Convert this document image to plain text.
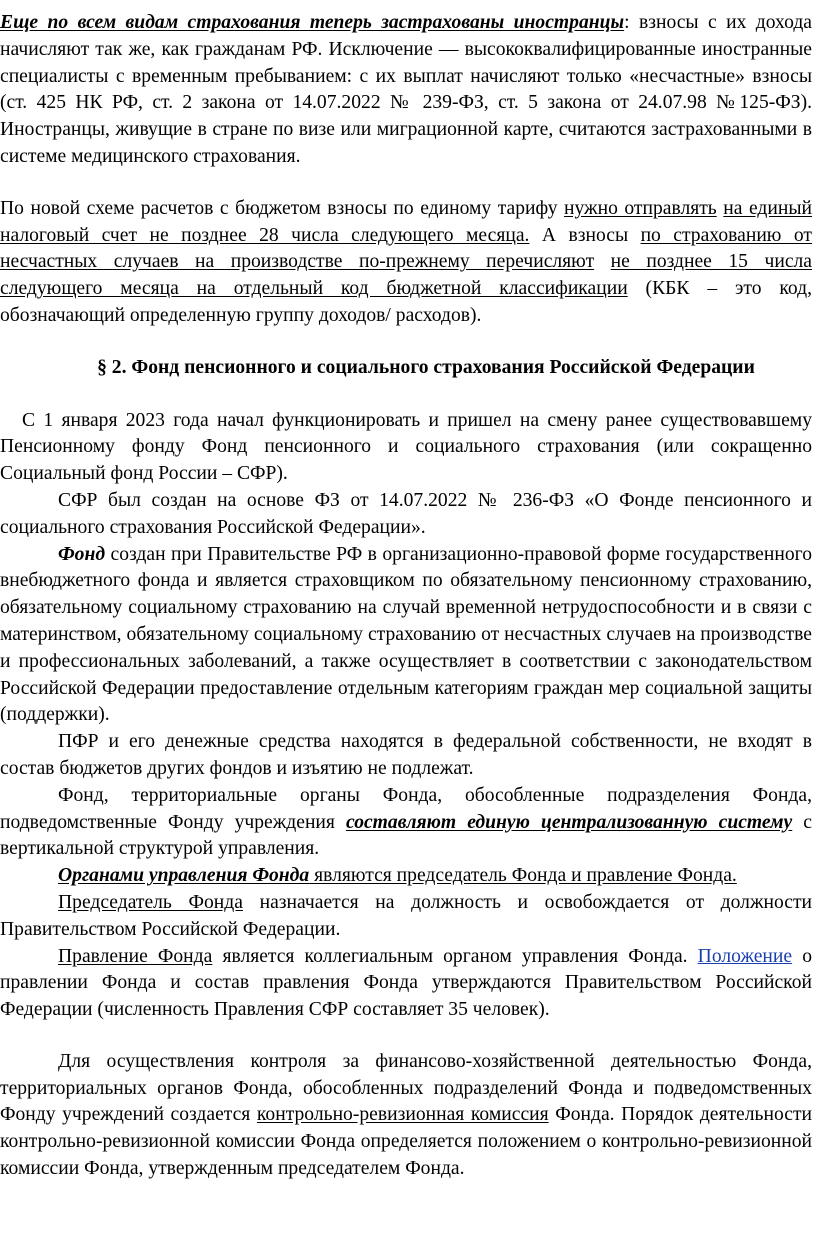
Еще по всем видам страхования теперь застрахованы иностранцы: взносы с их дохода начисляют так же, как гражданам РФ. Исключение — высококвалифицированные иностранные специалисты с временным пребыванием: с их выплат начисляют только «несчастные» взносы (ст. 425 НК РФ, ст. 2 закона от 14.07.2022 № 239-ФЗ, ст. 5 закона от 24.07.98 №125-ФЗ). Иностранцы, живущие в стране по визе или миграционной карте, считаются застрахованными в системе медицинского страхования.

По новой схеме расчетов с бюджетом взносы по единому тарифу нужно отправлять на единый налоговый счет не позднее 28 числа следующего месяца. А взносы по страхованию от несчастных случаев на производстве по-прежнему перечисляют не позднее 15 числа следующего месяца на отдельный код бюджетной классификации (КБК – это код, обозначающий определенную группу доходов/ расходов).

§ 2. Фонд пенсионного и социального страхования Российской Федерации

С 1 января 2023 года начал функционировать и пришел на смену ранее существовавшему Пенсионному фонду Фонд пенсионного и социального страхования (или сокращенно Социальный фонд России – СФР).

СФР был создан на основе ФЗ от 14.07.2022 № 236-ФЗ «О Фонде пенсионного и социального страхования Российской Федерации».

Фонд создан при Правительстве РФ в организационно-правовой форме государственного внебюджетного фонда и является страховщиком по обязательному пенсионному страхованию, обязательному социальному страхованию на случай временной нетрудоспособности и в связи с материнством, обязательному социальному страхованию от несчастных случаев на производстве и профессиональных заболеваний, а также осуществляет в соответствии с законодательством Российской Федерации предоставление отдельным категориям граждан мер социальной защиты (поддержки).

ПФР и его денежные средства находятся в федеральной собственности, не входят в состав бюджетов других фондов и изъятию не подлежат.

Фонд, территориальные органы Фонда, обособленные подразделения Фонда, подведомственные Фонду учреждения составляют единую централизованную систему с вертикальной структурой управления.

Органами управления Фонда являются председатель Фонда и правление Фонда.

Председатель Фонда назначается на должность и освобождается от должности Правительством Российской Федерации.

Правление Фонда является коллегиальным органом управления Фонда. Положение о правлении Фонда и состав правления Фонда утверждаются Правительством Российской Федерации (численность Правления СФР составляет 35 человек).

Для осуществления контроля за финансово-хозяйственной деятельностью Фонда, территориальных органов Фонда, обособленных подразделений Фонда и подведомственных Фонду учреждений создается контрольно-ревизионная комиссия Фонда. Порядок деятельности контрольно-ревизионной комиссии Фонда определяется положением о контрольно-ревизионной комиссии Фонда, утвержденным председателем Фонда.
